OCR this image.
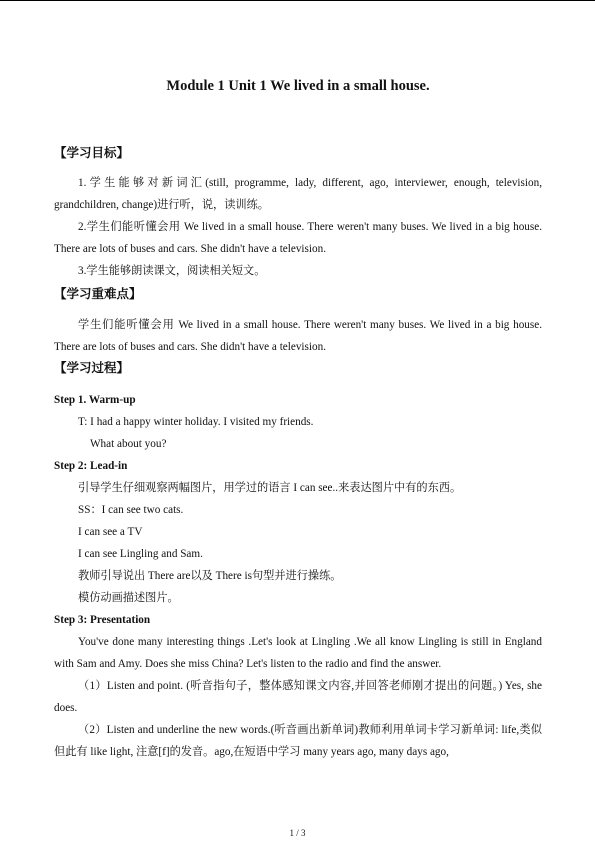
Module 1 Unit 1 We lived in a small house.
【学习目标】
1.学生能够对新词汇(still, programme, lady, different, ago, interviewer, enough, television, grandchildren, change)进行听，说，读训练。
2.学生们能听懂会用 We lived in a small house. There weren't many buses. We lived in a big house. There are lots of buses and cars. She didn't have a television.
3.学生能够朗读课文，阅读相关短文。
【学习重难点】
学生们能听懂会用 We lived in a small house. There weren't many buses. We lived in a big house. There are lots of buses and cars. She didn't have a television.
【学习过程】
Step 1. Warm-up
T: I had a happy winter holiday. I visited my friends.
What about you?
Step 2: Lead-in
引导学生仔细观察两幅图片，用学过的语言 I can see..来表达图片中有的东西。
SS：I can see two cats.
I can see a TV
I can see Lingling and Sam.
教师引导说出 There are以及 There is句型并进行操练。
模仿动画描述图片。
Step 3: Presentation
You've done many interesting things .Let's look at Lingling .We all know Lingling is still in England with Sam and Amy. Does she miss China? Let's listen to the radio and find the answer.
（1）Listen and point. (听音指句子，整体感知课文内容,并回答老师刚才提出的问题。) Yes, she does.
（2）Listen and underline the new words.(听音画出新单词)教师利用单词卡学习新单词: life,类似但此有 like light, 注意[f]的发音。ago,在短语中学习 many years ago, many days ago,
1 / 3
